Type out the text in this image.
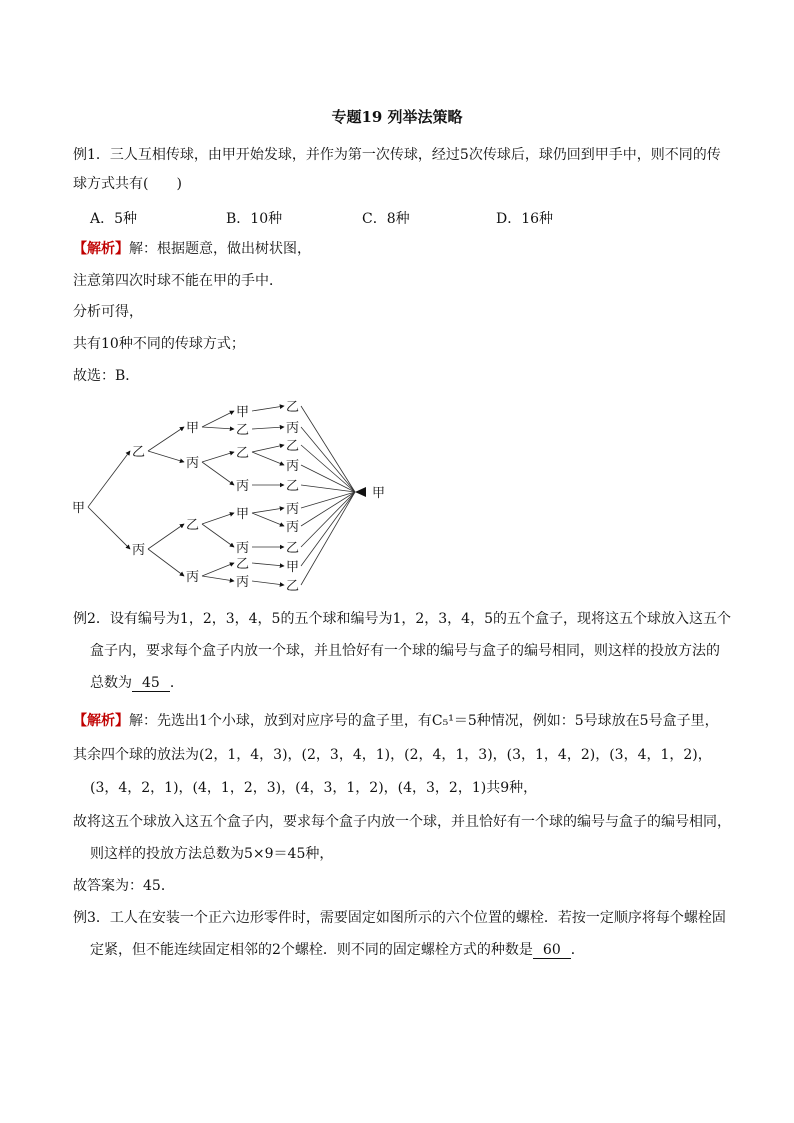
专题19 列举法策略
例1．三人互相传球，由甲开始发球，并作为第一次传球，经过5次传球后，球仍回到甲手中，则不同的传
球方式共有(　　)
A．5种	B．10种	C．8种	D．16种
【解析】解：根据题意，做出树状图，
注意第四次时球不能在甲的手中．
分析可得，
共有10种不同的传球方式；
故选：B．
乙
丙
甲
丙
乙
丙
甲
乙
乙
丙
甲
丙
乙
丙
乙
丙
乙
丙
乙
丙
丙
乙
甲
乙
甲
甲
例2．设有编号为1，2，3，4，5的五个球和编号为1，2，3，4，5的五个盒子，现将这五个球放入这五个
盒子内，要求每个盒子内放一个球，并且恰好有一个球的编号与盒子的编号相同，则这样的投放方法的
总数为 45 ．
【解析】解：先选出1个小球，放到对应序号的盒子里，有C₅¹＝5种情况，例如：5号球放在5号盒子里，
其余四个球的放法为(2，1，4，3)，(2，3，4，1)，(2，4，1，3)，(3，1，4，2)，(3，4，1，2)，
(3，4，2，1)，(4，1，2，3)，(4，3，1，2)，(4，3，2，1)共9种，
故将这五个球放入这五个盒子内，要求每个盒子内放一个球，并且恰好有一个球的编号与盒子的编号相同，
则这样的投放方法总数为5×9＝45种，
故答案为：45．
例3．工人在安装一个正六边形零件时，需要固定如图所示的六个位置的螺栓．若按一定顺序将每个螺栓固
定紧，但不能连续固定相邻的2个螺栓．则不同的固定螺栓方式的种数是 60 ．
